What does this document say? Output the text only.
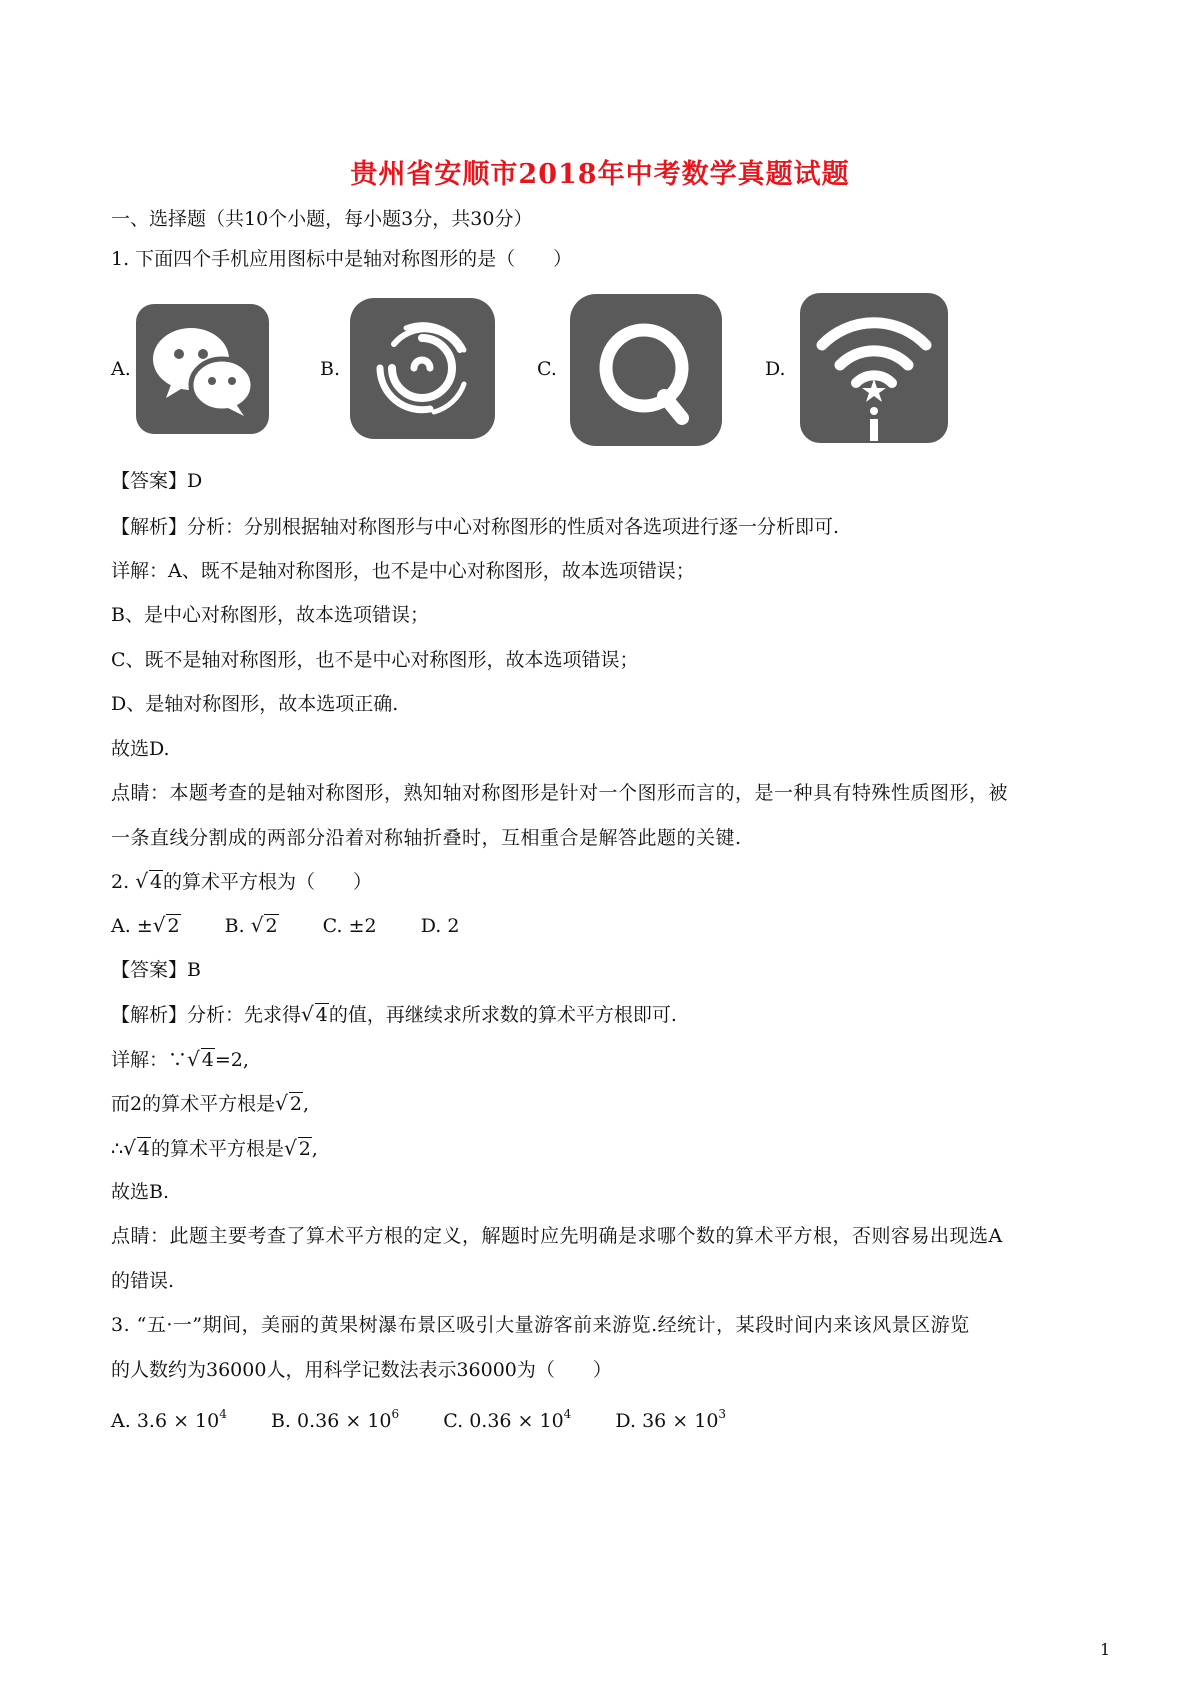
贵州省安顺市2018年中考数学真题试题
一、选择题（共10个小题，每小题3分，共30分）
1. 下面四个手机应用图标中是轴对称图形的是（　　）
A.	B.	C.	D.
【答案】D
【解析】分析：分别根据轴对称图形与中心对称图形的性质对各选项进行逐一分析即可.
详解：A、既不是轴对称图形，也不是中心对称图形，故本选项错误；
B、是中心对称图形，故本选项错误；
C、既不是轴对称图形，也不是中心对称图形，故本选项错误；
D、是轴对称图形，故本选项正确.
故选D.
点睛：本题考查的是轴对称图形，熟知轴对称图形是针对一个图形而言的，是一种具有特殊性质图形，被
一条直线分割成的两部分沿着对称轴折叠时，互相重合是解答此题的关键.
2. √ 4的算术平方根为（　　）
A. ±√ 2 B. √ 2 C. ±2 D. 2
【答案】B
【解析】分析：先求得√ 4的值，再继续求所求数的算术平方根即可.
详解：∵√ 4=2,
而2的算术平方根是√ 2,
∴√ 4的算术平方根是√ 2,
故选B.
点睛：此题主要考查了算术平方根的定义，解题时应先明确是求哪个数的算术平方根，否则容易出现选A
的错误.
3. “五·一”期间，美丽的黄果树瀑布景区吸引大量游客前来游览.经统计，某段时间内来该风景区游览
的人数约为36000人，用科学记数法表示36000为（　　）
A. $3.6 \times 10^4$ B. $0.36 \times 10^6$ C. $0.36 \times 10^4$ D. $36 \times 10^3$
1
